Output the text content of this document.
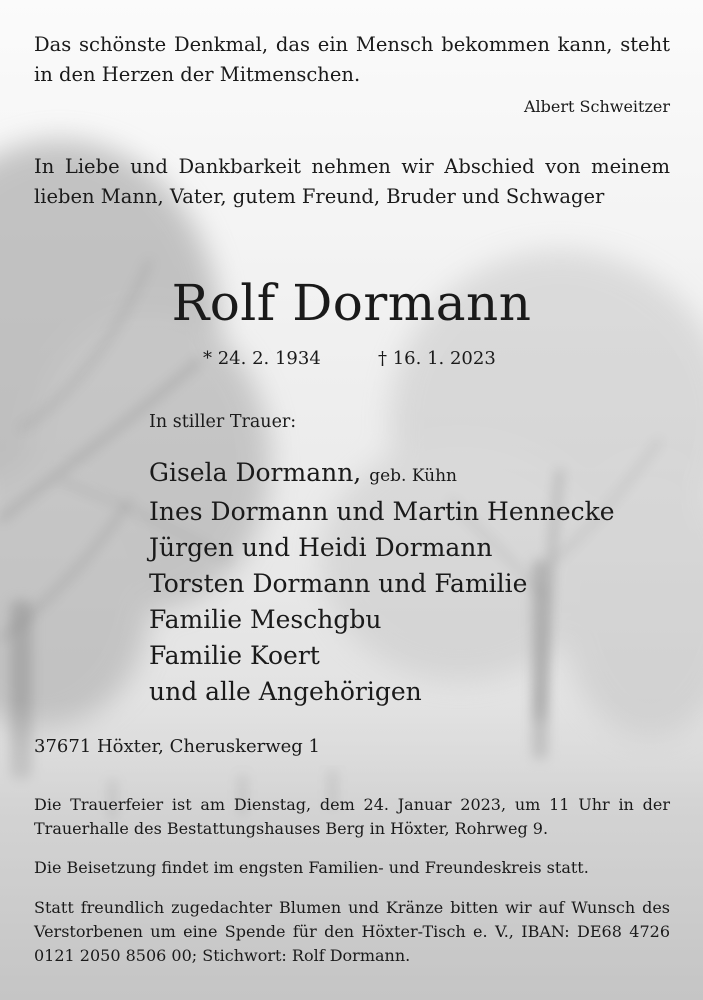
Das schönste Denkmal, das ein Mensch bekommen kann, steht in den Herzen der Mitmenschen.

Albert Schweitzer

In Liebe und Dankbarkeit nehmen wir Abschied von meinem lieben Mann, Vater, gutem Freund, Bruder und Schwager

Rolf Dormann
* 24. 2. 1934	† 16. 1. 2023

In stiller Trauer:

Gisela Dormann, geb. Kühn
Ines Dormann und Martin Hennecke
Jürgen und Heidi Dormann
Torsten Dormann und Familie
Familie Meschgbu
Familie Koert
und alle Angehörigen

37671 Höxter, Cheruskerweg 1

Die Trauerfeier ist am Dienstag, dem 24. Januar 2023, um 11 Uhr in der Trauerhalle des Bestattungshauses Berg in Höxter, Rohrweg 9.

Die Beisetzung findet im engsten Familien- und Freundeskreis statt.

Statt freundlich zugedachter Blumen und Kränze bitten wir auf Wunsch des Verstorbenen um eine Spende für den Höxter-Tisch e. V., IBAN: DE68 4726 0121 2050 8506 00; Stichwort: Rolf Dormann.
